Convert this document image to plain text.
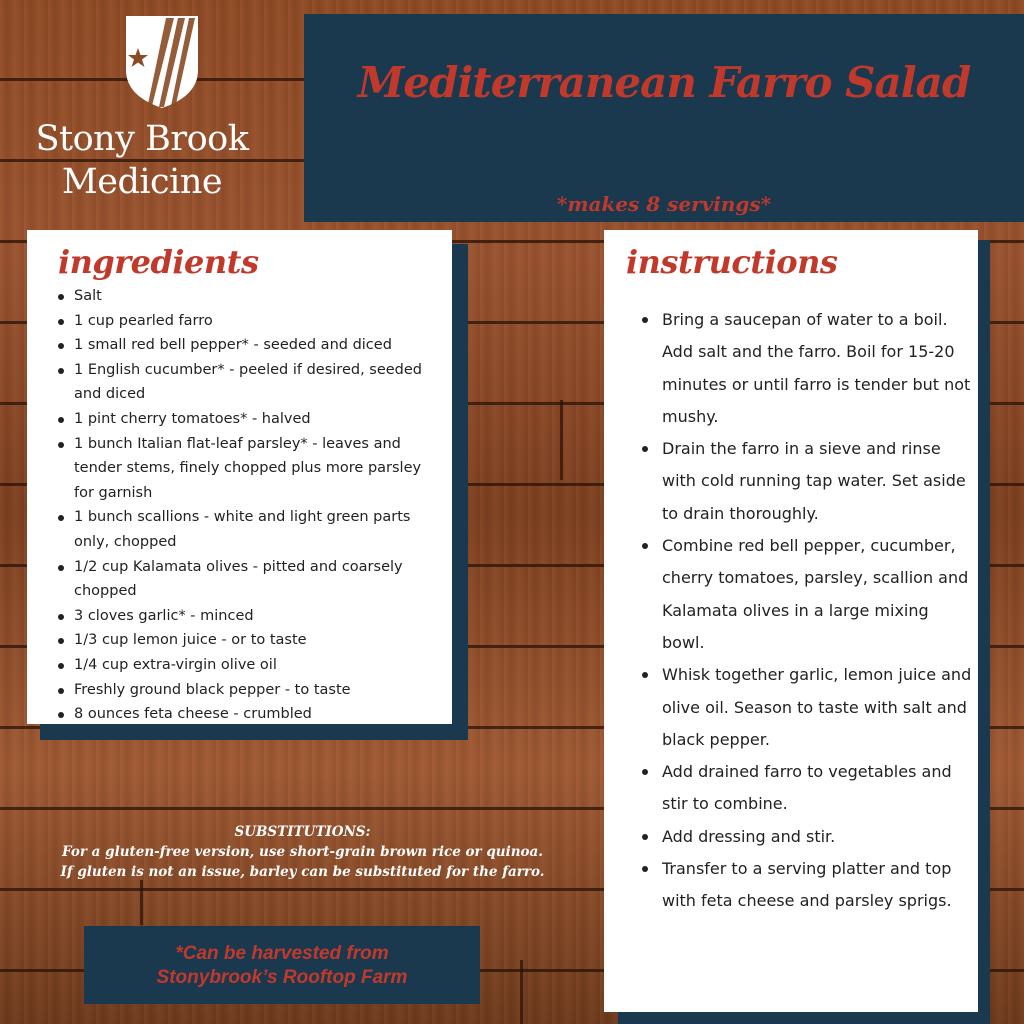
Stony Brook
Medicine
Mediterranean Farro Salad
*makes 8 servings*
ingredients
Salt
1 cup pearled farro
1 small red bell pepper* - seeded and diced
1 English cucumber* - peeled if desired, seeded and diced
1 pint cherry tomatoes* - halved
1 bunch Italian flat-leaf parsley* - leaves and tender stems, finely chopped plus more parsley for garnish
1 bunch scallions - white and light green parts only, chopped
1/2 cup Kalamata olives - pitted and coarsely chopped
3 cloves garlic* - minced
1/3 cup lemon juice - or to taste
1/4 cup extra-virgin olive oil
Freshly ground black pepper - to taste
8 ounces feta cheese - crumbled
instructions
Bring a saucepan of water to a boil. Add salt and the farro. Boil for 15-20 minutes or until farro is tender but not mushy.
Drain the farro in a sieve and rinse with cold running tap water. Set aside to drain thoroughly.
Combine red bell pepper, cucumber, cherry tomatoes, parsley, scallion and Kalamata olives in a large mixing bowl.
Whisk together garlic, lemon juice and olive oil. Season to taste with salt and black pepper.
Add drained farro to vegetables and stir to combine.
Add dressing and stir.
Transfer to a serving platter and top with feta cheese and parsley sprigs.
SUBSTITUTIONS:
For a gluten-free version, use short-grain brown rice or quinoa.
If gluten is not an issue, barley can be substituted for the farro.
*Can be harvested from
Stonybrook’s Rooftop Farm
